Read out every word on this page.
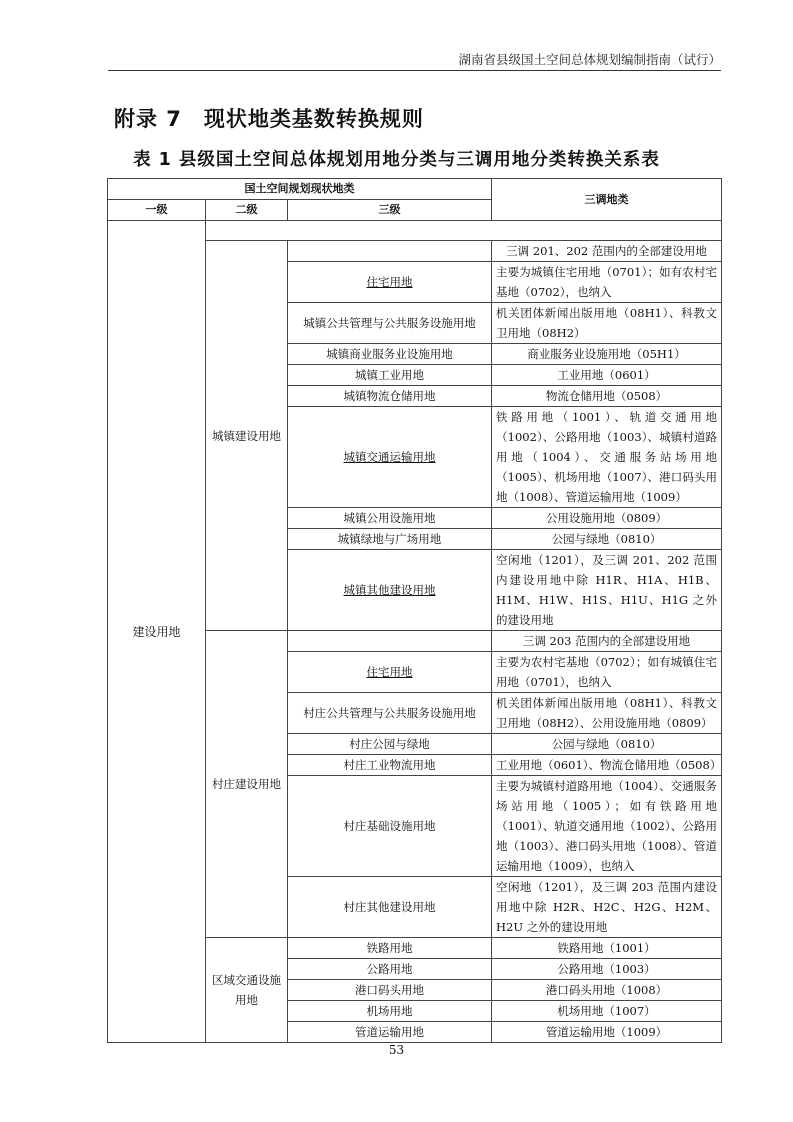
湖南省县级国土空间总体规划编制指南（试行）
附录 7　现状地类基数转换规则
表 1 县级国土空间总体规划用地分类与三调用地分类转换关系表
国土空间规划现状地类			三调地类
一级	二级	三级	
建设用地			
	城镇建设用地		三调 201、202 范围内的全部建设用地
		住宅用地	主要为城镇住宅用地（0701）；如有农村宅基地（0702），也纳入
		城镇公共管理与公共服务设施用地	机关团体新闻出版用地（08H1）、科教文卫用地（08H2）
		城镇商业服务业设施用地	商业服务业设施用地（05H1）
		城镇工业用地	工业用地（0601）
		城镇物流仓储用地	物流仓储用地（0508）
		城镇交通运输用地	铁路用地（1001）、轨道交通用地（1002）、公路用地（1003）、城镇村道路用地（1004）、交通服务站场用地（1005）、机场用地（1007）、港口码头用地（1008）、管道运输用地（1009）
		城镇公用设施用地	公用设施用地（0809）
		城镇绿地与广场用地	公园与绿地（0810）
		城镇其他建设用地	空闲地（1201），及三调 201、202 范围内建设用地中除 H1R、H1A、H1B、H1M、H1W、H1S、H1U、H1G 之外的建设用地
	村庄建设用地		三调 203 范围内的全部建设用地
		住宅用地	主要为农村宅基地（0702）；如有城镇住宅用地（0701），也纳入
		村庄公共管理与公共服务设施用地	机关团体新闻出版用地（08H1）、科教文卫用地（08H2）、公用设施用地（0809）
		村庄公园与绿地	公园与绿地（0810）
		村庄工业物流用地	工业用地（0601）、物流仓储用地（0508）
		村庄基础设施用地	主要为城镇村道路用地（1004）、交通服务场站用地（1005）；如有铁路用地（1001）、轨道交通用地（1002）、公路用地（1003）、港口码头用地（1008）、管道运输用地（1009），也纳入
		村庄其他建设用地	空闲地（1201），及三调 203 范围内建设用地中除 H2R、H2C、H2G、H2M、H2U 之外的建设用地
	区域交通设施用地	铁路用地	铁路用地（1001）
		公路用地	公路用地（1003）
		港口码头用地	港口码头用地（1008）
		机场用地	机场用地（1007）
		管道运输用地	管道运输用地（1009）
53
